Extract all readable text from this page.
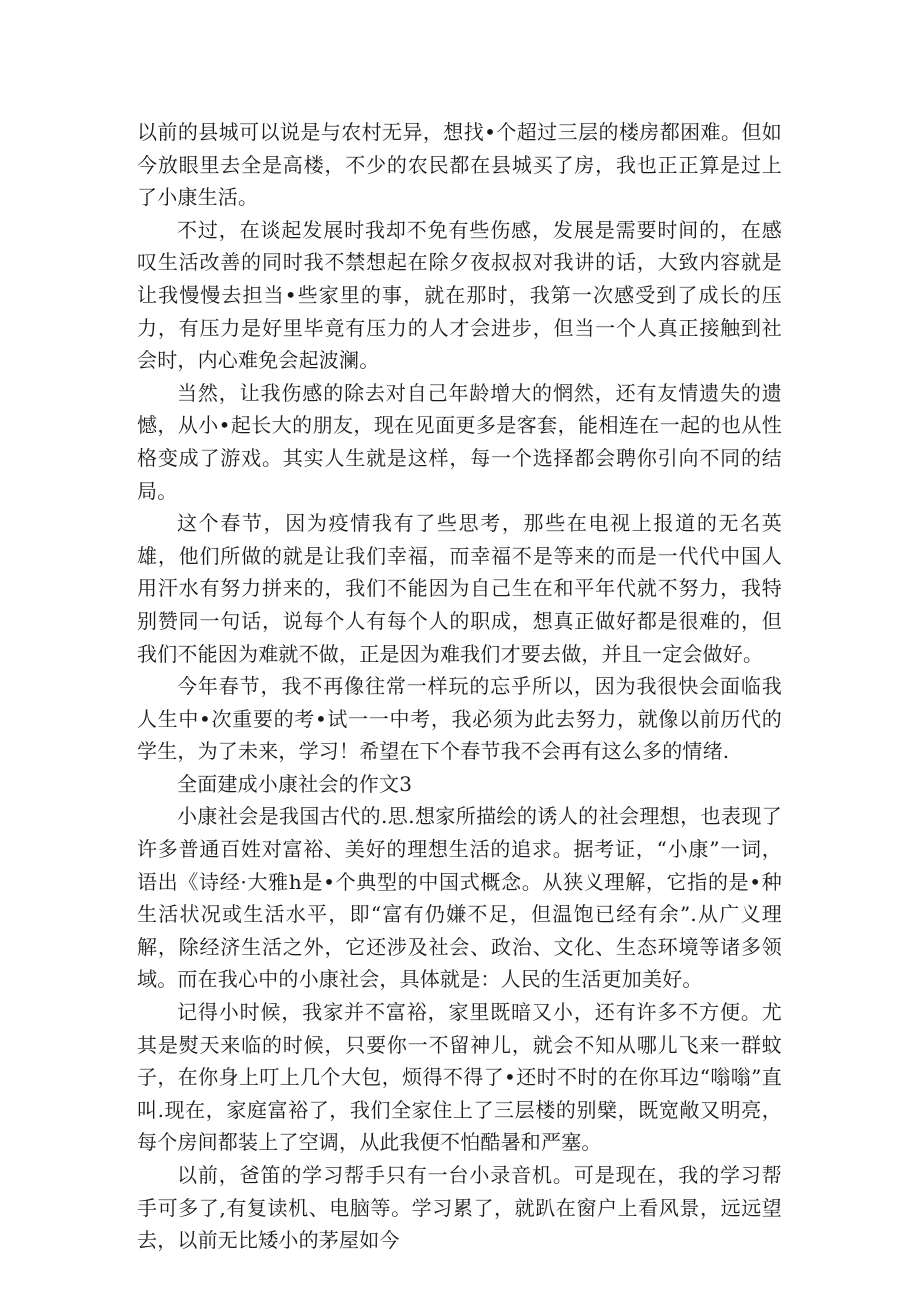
以前的县城可以说是与农村无异，想找•个超过三层的楼房都困难。但如今放眼里去全是高楼，不少的农民都在县城买了房，我也正正算是过上了小康生活。

不过，在谈起发展时我却不免有些伤感，发展是需要时间的，在感叹生活改善的同时我不禁想起在除夕夜叔叔对我讲的话，大致内容就是让我慢慢去担当•些家里的事，就在那时，我第一次感受到了成长的压力，有压力是好里毕竟有压力的人才会进步，但当一个人真正接触到社会时，内心难免会起波澜。

当然，让我伤感的除去对自己年龄增大的惘然，还有友情遗失的遗憾，从小•起长大的朋友，现在见面更多是客套，能相连在一起的也从性格变成了游戏。其实人生就是这样，每一个选择都会聘你引向不同的结局。

这个春节，因为疫情我有了些思考，那些在电视上报道的无名英雄，他们所做的就是让我们幸福，而幸福不是等来的而是一代代中国人用汗水有努力拼来的，我们不能因为自己生在和平年代就不努力，我特别赞同一句话，说每个人有每个人的职成，想真正做好都是很难的，但我们不能因为难就不做，正是因为难我们才要去做，并且一定会做好。

今年春节，我不再像往常一样玩的忘乎所以，因为我很快会面临我人生中•次重要的考•试一一中考，我必须为此去努力，就像以前历代的学生，为了未来，学习！希望在下个春节我不会再有这么多的情绪.

全面建成小康社会的作文3

小康社会是我国古代的.思.想家所描绘的诱人的社会理想，也表现了许多普通百姓对富裕、美好的理想生活的追求。据考证，“小康”一词，语出《诗经·大雅h是•个典型的中国式概念。从狭义理解，它指的是•种生活状况或生活水平，即“富有仍嫌不足，但温饱已经有余”.从广义理解，除经济生活之外，它还涉及社会、政治、文化、生态环境等诸多领域。而在我心中的小康社会，具体就是：人民的生活更加美好。

记得小时候，我家并不富裕，家里既暗又小，还有许多不方便。尤其是熨天来临的时候，只要你一不留神儿，就会不知从哪儿飞来一群蚊子，在你身上叮上几个大包，烦得不得了•还时不时的在你耳边“嗡嗡”直叫.现在，家庭富裕了，我们全家住上了三层楼的别檗，既宽敞又明亮，每个房间都装上了空调，从此我便不怕酷暑和严塞。

以前，爸笛的学习帮手只有一台小录音机。可是现在，我的学习帮手可多了,有复读机、电脑等。学习累了，就趴在窗户上看风景，远远望去，以前无比矮小的茅屋如今
